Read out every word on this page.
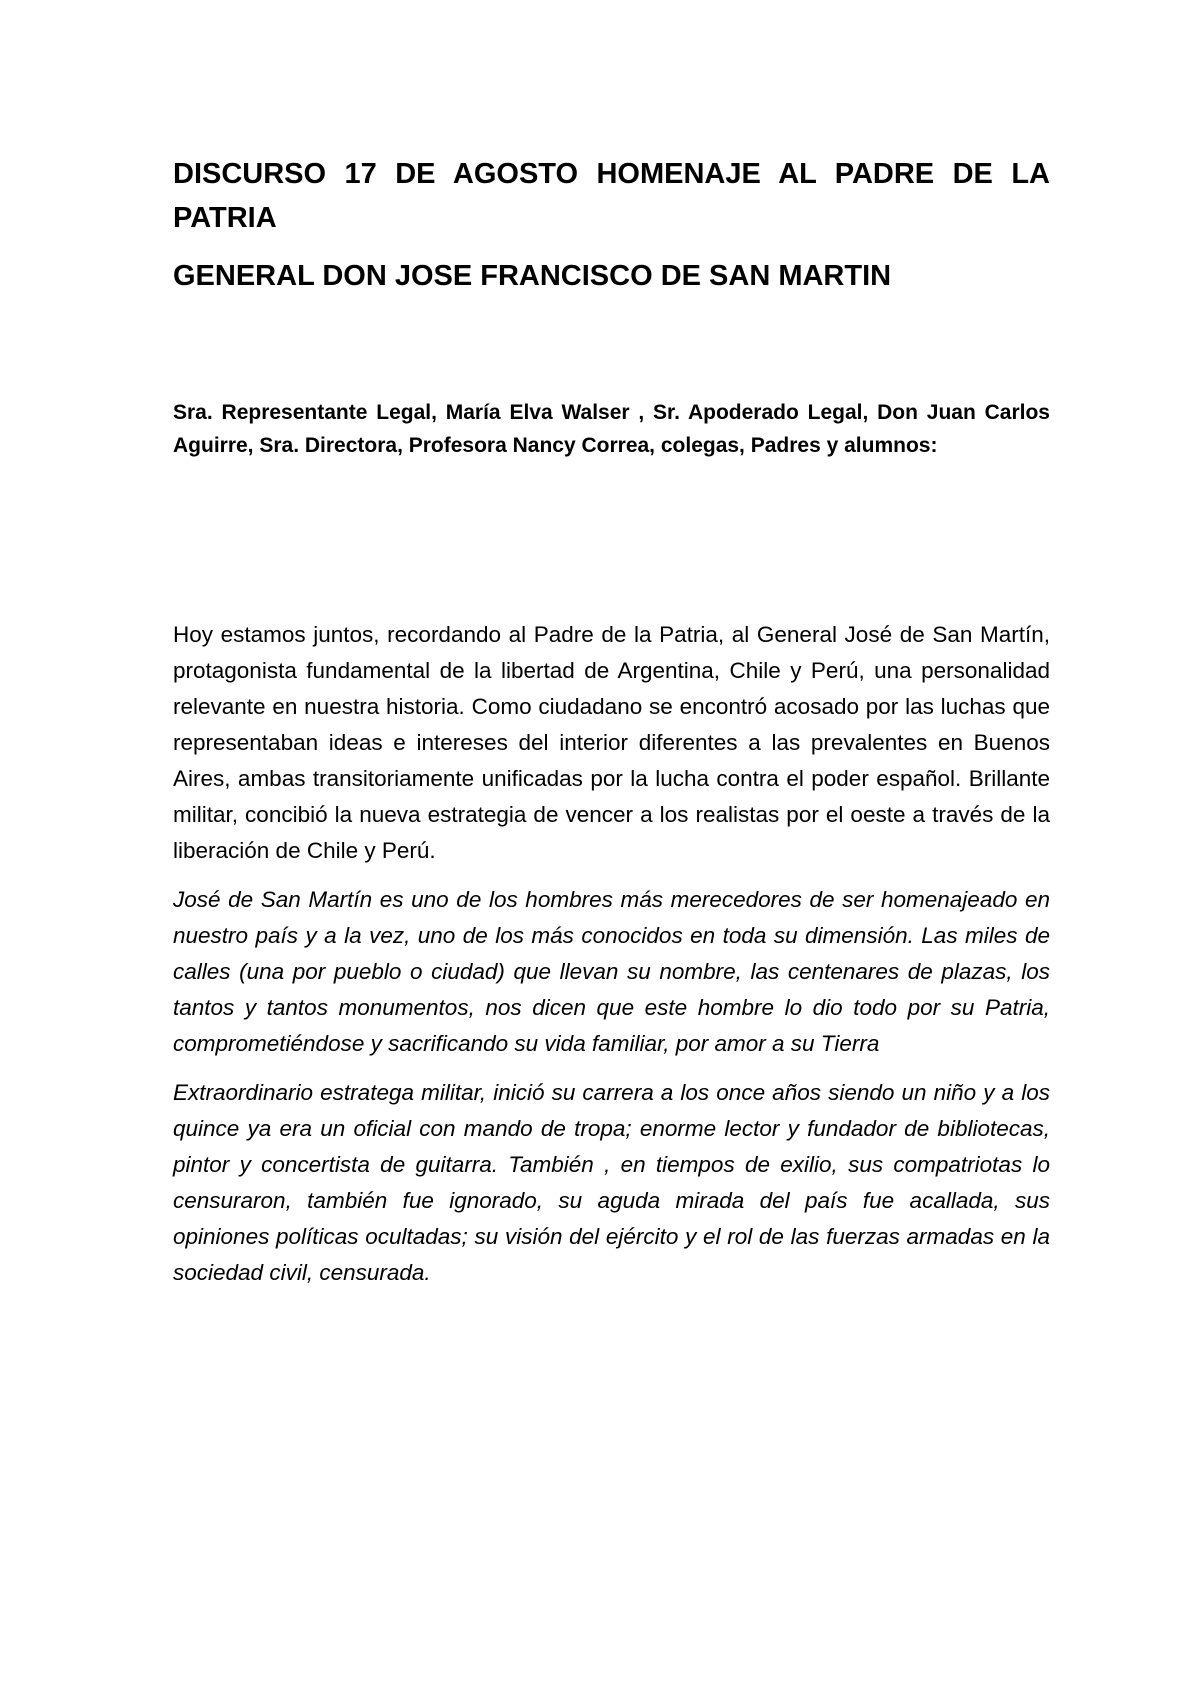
DISCURSO 17 DE AGOSTO HOMENAJE AL PADRE DE LA PATRIA
GENERAL DON JOSE FRANCISCO DE SAN MARTIN

Sra. Representante Legal, María Elva Walser , Sr. Apoderado Legal, Don Juan Carlos Aguirre, Sra. Directora, Profesora Nancy Correa, colegas, Padres y alumnos:

Hoy estamos juntos, recordando al Padre de la Patria, al General José de San Martín, protagonista fundamental de la libertad de Argentina, Chile y Perú, una personalidad relevante en nuestra historia. Como ciudadano se encontró acosado por las luchas que representaban ideas e intereses del interior diferentes a las prevalentes en Buenos Aires, ambas transitoriamente unificadas por la lucha contra el poder español. Brillante militar, concibió la nueva estrategia de vencer a los realistas por el oeste a través de la liberación de Chile y Perú.

José de San Martín es uno de los hombres más merecedores de ser homenajeado en nuestro país y a la vez, uno de los más conocidos en toda su dimensión. Las miles de calles (una por pueblo o ciudad) que llevan su nombre, las centenares de plazas, los tantos y tantos monumentos, nos dicen que este hombre lo dio todo por su Patria, comprometiéndose y sacrificando su vida familiar, por amor a su Tierra

Extraordinario estratega militar, inició su carrera a los once años siendo un niño y a los quince ya era un oficial con mando de tropa; enorme lector y fundador de bibliotecas, pintor y concertista de guitarra. También , en tiempos de exilio, sus compatriotas lo censuraron, también fue ignorado, su aguda mirada del país fue acallada, sus opiniones políticas ocultadas; su visión del ejército y el rol de las fuerzas armadas en la sociedad civil, censurada.
